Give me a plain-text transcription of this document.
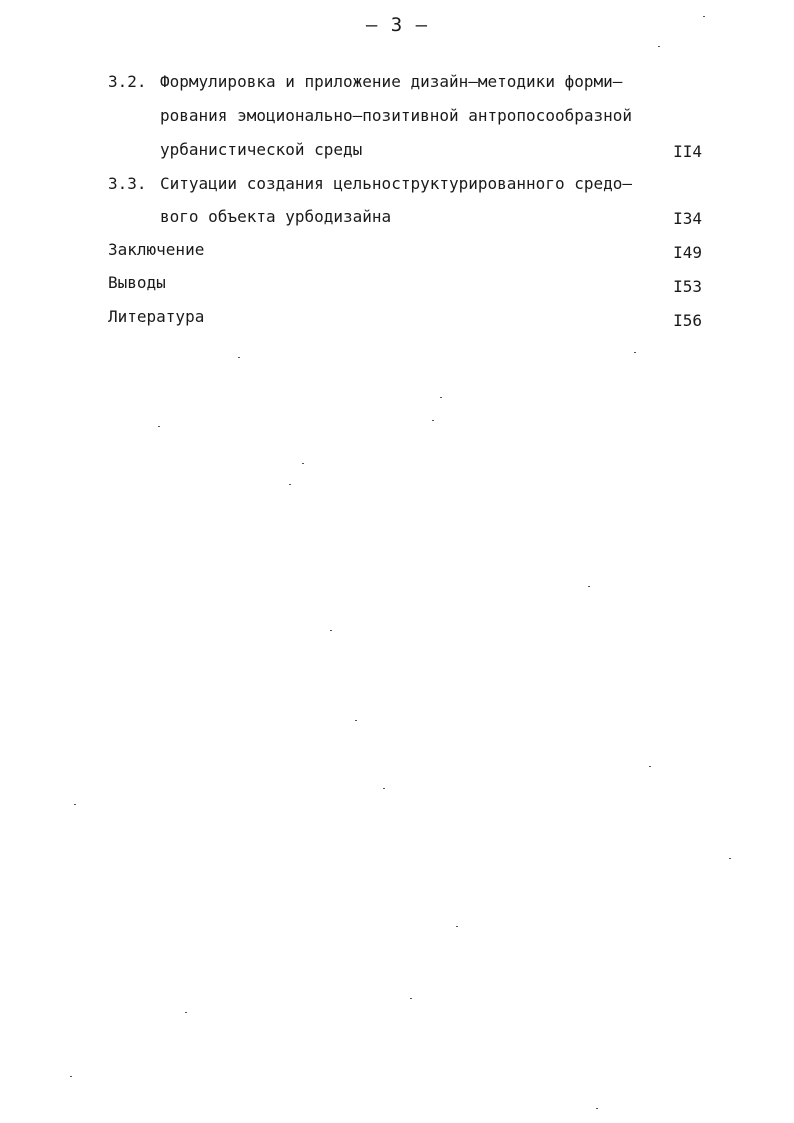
– 3 –
3.2. Формулировка и приложение дизайн–методики форми–
рования эмоционально–позитивной антропосообразной
урбанистической среды	II4
3.3. Ситуации создания цельноструктурированного средо–
вого объекта урбодизайна	I34
Заключение	I49
Выводы	I53
Литература	I56
